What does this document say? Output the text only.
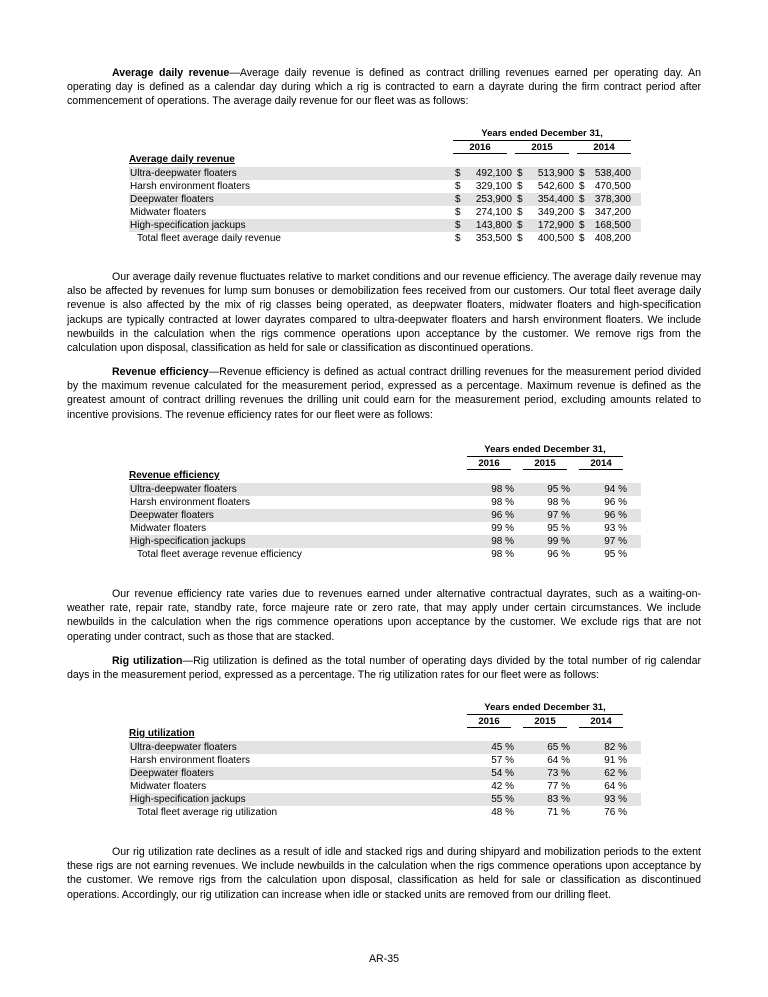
Average daily revenue—Average daily revenue is defined as contract drilling revenues earned per operating day. An operating day is defined as a calendar day during which a rig is contracted to earn a dayrate during the firm contract period after commencement of operations. The average daily revenue for our fleet was as follows:

Years ended December 31,
2016	2015	2014
Average daily revenue
Ultra-deepwater floaters	$ 492,100 $ 513,900 $ 538,400
Harsh environment floaters	$ 329,100 $ 542,600 $ 470,500
Deepwater floaters	$ 253,900 $ 354,400 $ 378,300
Midwater floaters	$ 274,100 $ 349,200 $ 347,200
High-specification jackups	$ 143,800 $ 172,900 $ 168,500
Total fleet average daily revenue	$ 353,500 $ 400,500 $ 408,200

Our average daily revenue fluctuates relative to market conditions and our revenue efficiency. The average daily revenue may also be affected by revenues for lump sum bonuses or demobilization fees received from our customers. Our total fleet average daily revenue is also affected by the mix of rig classes being operated, as deepwater floaters, midwater floaters and high-specification jackups are typically contracted at lower dayrates compared to ultra-deepwater floaters and harsh environment floaters. We include newbuilds in the calculation when the rigs commence operations upon acceptance by the customer. We remove rigs from the calculation upon disposal, classification as held for sale or classification as discontinued operations.

Revenue efficiency—Revenue efficiency is defined as actual contract drilling revenues for the measurement period divided by the maximum revenue calculated for the measurement period, expressed as a percentage. Maximum revenue is defined as the greatest amount of contract drilling revenues the drilling unit could earn for the measurement period, excluding amounts related to incentive provisions. The revenue efficiency rates for our fleet were as follows:

Years ended December 31,
2016	2015	2014
Revenue efficiency
Ultra-deepwater floaters	98 %	95 %	94 %
Harsh environment floaters	98 %	98 %	96 %
Deepwater floaters	96 %	97 %	96 %
Midwater floaters	99 %	95 %	93 %
High-specification jackups	98 %	99 %	97 %
Total fleet average revenue efficiency	98 %	96 %	95 %

Our revenue efficiency rate varies due to revenues earned under alternative contractual dayrates, such as a waiting-on-weather rate, repair rate, standby rate, force majeure rate or zero rate, that may apply under certain circumstances. We include newbuilds in the calculation when the rigs commence operations upon acceptance by the customer. We exclude rigs that are not operating under contract, such as those that are stacked.

Rig utilization—Rig utilization is defined as the total number of operating days divided by the total number of rig calendar days in the measurement period, expressed as a percentage. The rig utilization rates for our fleet were as follows:

Years ended December 31,
2016	2015	2014
Rig utilization
Ultra-deepwater floaters	45 %	65 %	82 %
Harsh environment floaters	57 %	64 %	91 %
Deepwater floaters	54 %	73 %	62 %
Midwater floaters	42 %	77 %	64 %
High-specification jackups	55 %	83 %	93 %
Total fleet average rig utilization	48 %	71 %	76 %

Our rig utilization rate declines as a result of idle and stacked rigs and during shipyard and mobilization periods to the extent these rigs are not earning revenues. We include newbuilds in the calculation when the rigs commence operations upon acceptance by the customer. We remove rigs from the calculation upon disposal, classification as held for sale or classification as discontinued operations. Accordingly, our rig utilization can increase when idle or stacked units are removed from our drilling fleet.

AR-35
